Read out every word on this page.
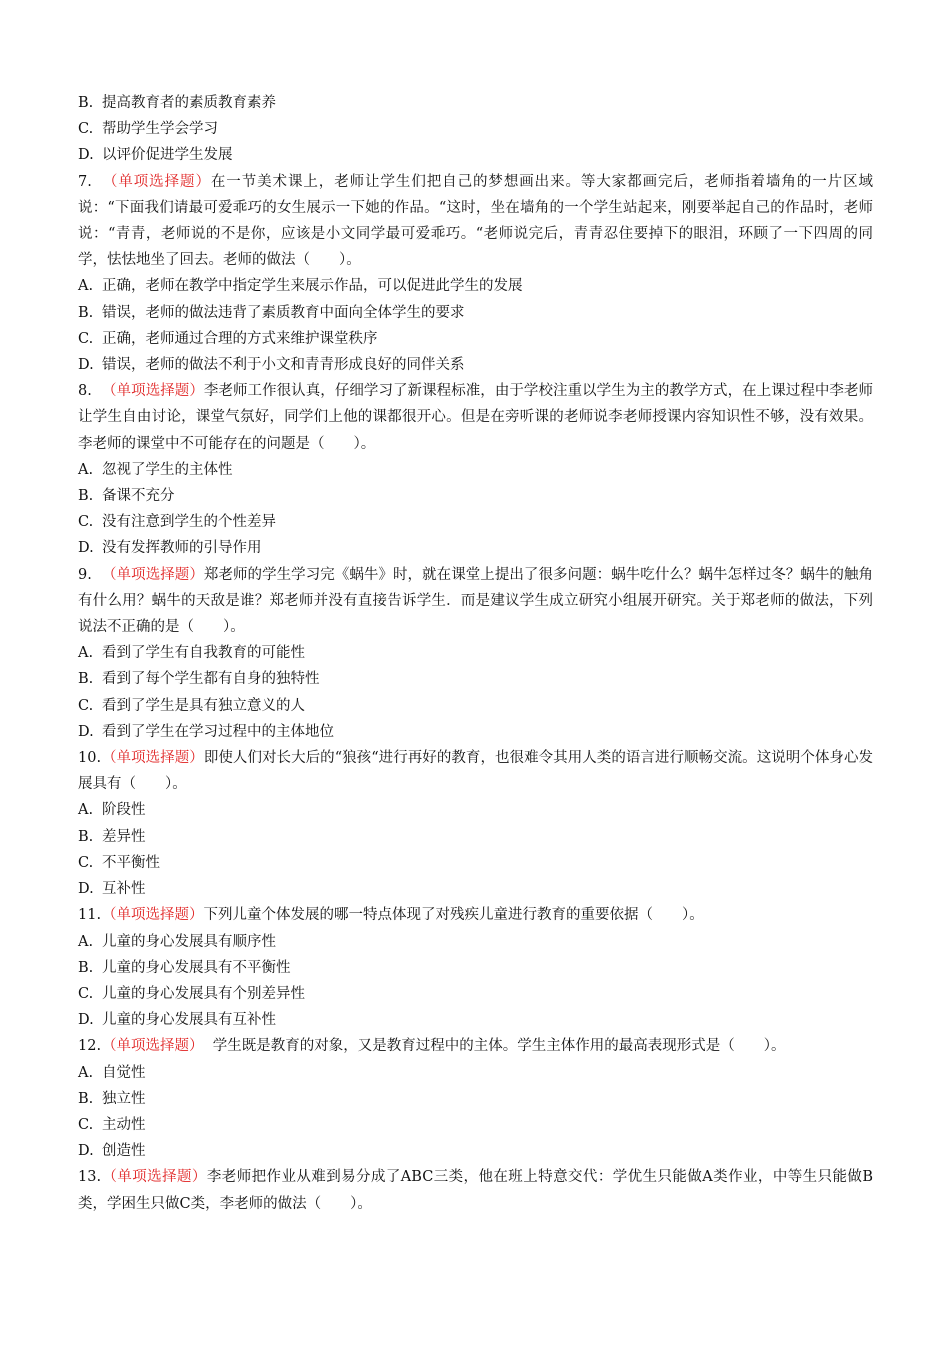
B. 提高教育者的素质教育素养

C. 帮助学生学会学习

D. 以评价促进学生发展

7. （单项选择题）在一节美术课上，老师让学生们把自己的梦想画出来。等大家都画完后，老师指着墙角的一片区域说：“下面我们请最可爱乖巧的女生展示一下她的作品。“这时，坐在墙角的一个学生站起来，刚要举起自己的作品时，老师说：“青青，老师说的不是你，应该是小文同学最可爱乖巧。“老师说完后，青青忍住要掉下的眼泪，环顾了一下四周的同学，怯怯地坐了回去。老师的做法（　　）。

A. 正确，老师在教学中指定学生来展示作品，可以促进此学生的发展

B. 错误，老师的做法违背了素质教育中面向全体学生的要求

C. 正确，老师通过合理的方式来维护课堂秩序

D. 错误，老师的做法不利于小文和青青形成良好的同伴关系

8. （单项选择题）李老师工作很认真，仔细学习了新课程标准，由于学校注重以学生为主的教学方式，在上课过程中李老师让学生自由讨论，课堂气氛好，同学们上他的课都很开心。但是在旁听课的老师说李老师授课内容知识性不够，没有效果。李老师的课堂中不可能存在的问题是（　　）。

A. 忽视了学生的主体性

B. 备课不充分

C. 没有注意到学生的个性差异

D. 没有发挥教师的引导作用

9. （单项选择题）郑老师的学生学习完《蜗牛》时，就在课堂上提出了很多问题：蜗牛吃什么？蜗牛怎样过冬？蜗牛的触角有什么用？蜗牛的天敌是谁？郑老师并没有直接告诉学生．而是建议学生成立研究小组展开研究。关于郑老师的做法，下列说法不正确的是（　　）。

A. 看到了学生有自我教育的可能性

B. 看到了每个学生都有自身的独特性

C. 看到了学生是具有独立意义的人

D. 看到了学生在学习过程中的主体地位

10.（单项选择题）即使人们对长大后的“狼孩“进行再好的教育，也很难令其用人类的语言进行顺畅交流。这说明个体身心发展具有（　　）。

A. 阶段性

B. 差异性

C. 不平衡性

D. 互补性

11.（单项选择题）下列儿童个体发展的哪一特点体现了对残疾儿童进行教育的重要依据（　　）。

A. 儿童的身心发展具有顺序性

B. 儿童的身心发展具有不平衡性

C. 儿童的身心发展具有个别差异性

D. 儿童的身心发展具有互补性

12.（单项选择题）  学生既是教育的对象，又是教育过程中的主体。学生主体作用的最高表现形式是（　　）。

A. 自觉性

B. 独立性

C. 主动性

D. 创造性

13.（单项选择题）李老师把作业从难到易分成了ABC三类，他在班上特意交代：学优生只能做A类作业，中等生只能做B类，学困生只做C类，李老师的做法（　　）。
